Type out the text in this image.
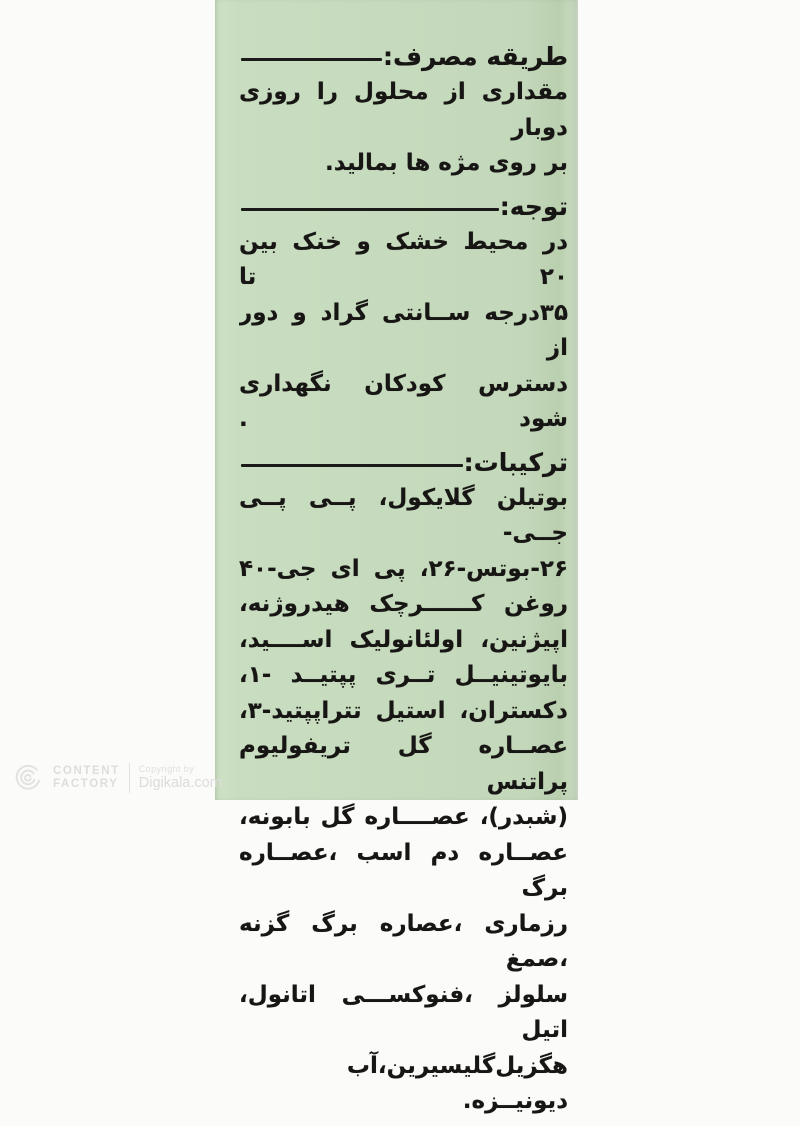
طریقه مصرف:
مقداری از محلول را روزی دوبار
بر روی مژه ها بمالید.
توجه:
در محیط خشک و خنک بین ۲۰ تا
۳۵درجه ســانتی گراد و دور از
دسترس کودکان نگهداری شود .
ترکیبات:
بوتیلن گلایکول، پــی پــی جــی-
۲۶-بوتس-۲۶، پی ای جی-۴۰
روغن کــــــرچک هیدروژنه،
اپیژنین، اولئانولیک اســــید،
بایوتینیــل تــری پپتیــد -۱،
دکستران، استیل تتراپپتید-۳،
عصــاره گل تریفولیوم پراتنس
(شبدر)، عصــــاره گل بابونه،
عصــاره دم اسب ،عصــاره برگ
رزماری ،عصاره برگ گزنه ،صمغ
سلولز ،فنوکســـی اتانول، اتیل
هگزیل‌گلیسیرین،آب دیونیــزه.
CONTENT
FACTORY
Copyright by
Digikala.com
